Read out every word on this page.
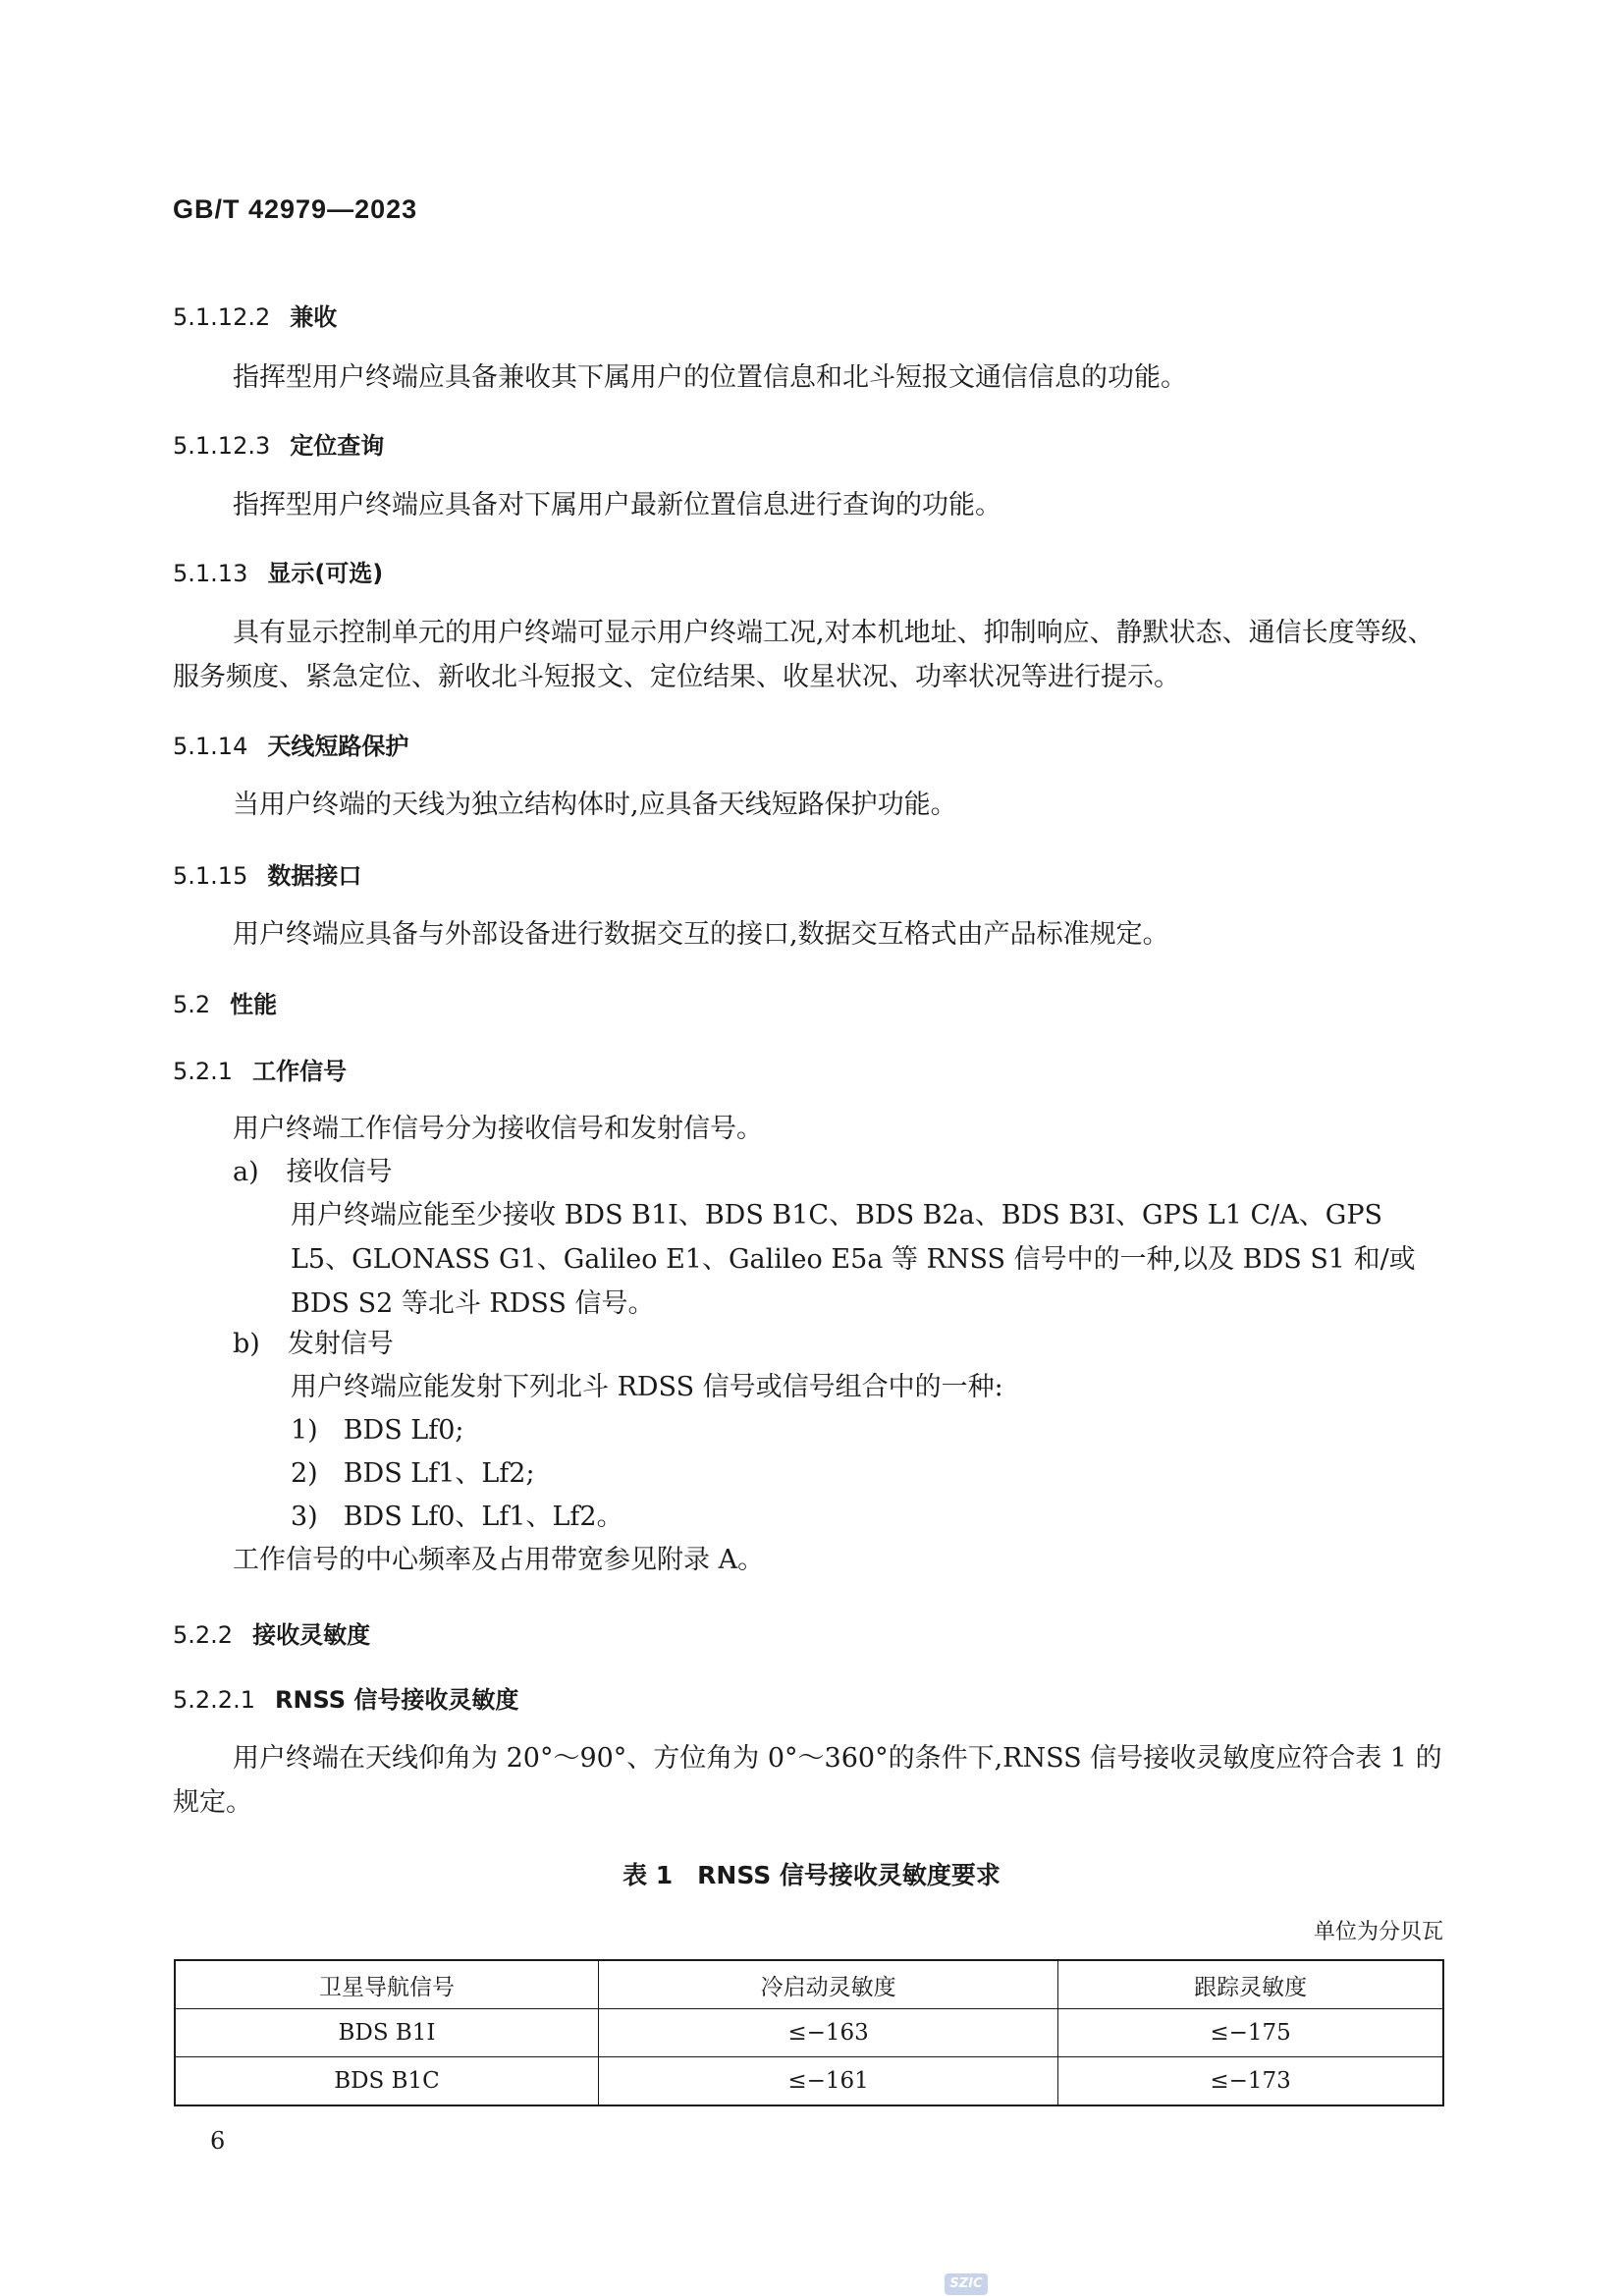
GB/T 42979—2023
5.1.12.2 兼收
指挥型用户终端应具备兼收其下属用户的位置信息和北斗短报文通信信息的功能。
5.1.12.3 定位查询
指挥型用户终端应具备对下属用户最新位置信息进行查询的功能。
5.1.13 显示(可选)
具有显示控制单元的用户终端可显示用户终端工况,对本机地址、抑制响应、静默状态、通信长度等级、服务频度、紧急定位、新收北斗短报文、定位结果、收星状况、功率状况等进行提示。
5.1.14 天线短路保护
当用户终端的天线为独立结构体时,应具备天线短路保护功能。
5.1.15 数据接口
用户终端应具备与外部设备进行数据交互的接口,数据交互格式由产品标准规定。
5.2 性能
5.2.1 工作信号
用户终端工作信号分为接收信号和发射信号。
a) 接收信号
用户终端应能至少接收 BDS B1I、BDS B1C、BDS B2a、BDS B3I、GPS L1 C/A、GPS L5、GLONASS G1、Galileo E1、Galileo E5a 等 RNSS 信号中的一种,以及 BDS S1 和/或 BDS S2 等北斗 RDSS 信号。
b) 发射信号
用户终端应能发射下列北斗 RDSS 信号或信号组合中的一种:
1) BDS Lf0;
2) BDS Lf1、Lf2;
3) BDS Lf0、Lf1、Lf2。
工作信号的中心频率及占用带宽参见附录 A。
5.2.2 接收灵敏度
5.2.2.1 RNSS 信号接收灵敏度
用户终端在天线仰角为 20°～90°、方位角为 0°～360°的条件下,RNSS 信号接收灵敏度应符合表 1 的规定。
表 1　RNSS 信号接收灵敏度要求
单位为分贝瓦
卫星导航信号	冷启动灵敏度	跟踪灵敏度
BDS B1I	≤−163	≤−175
BDS B1C	≤−161	≤−173
6
SZIC
